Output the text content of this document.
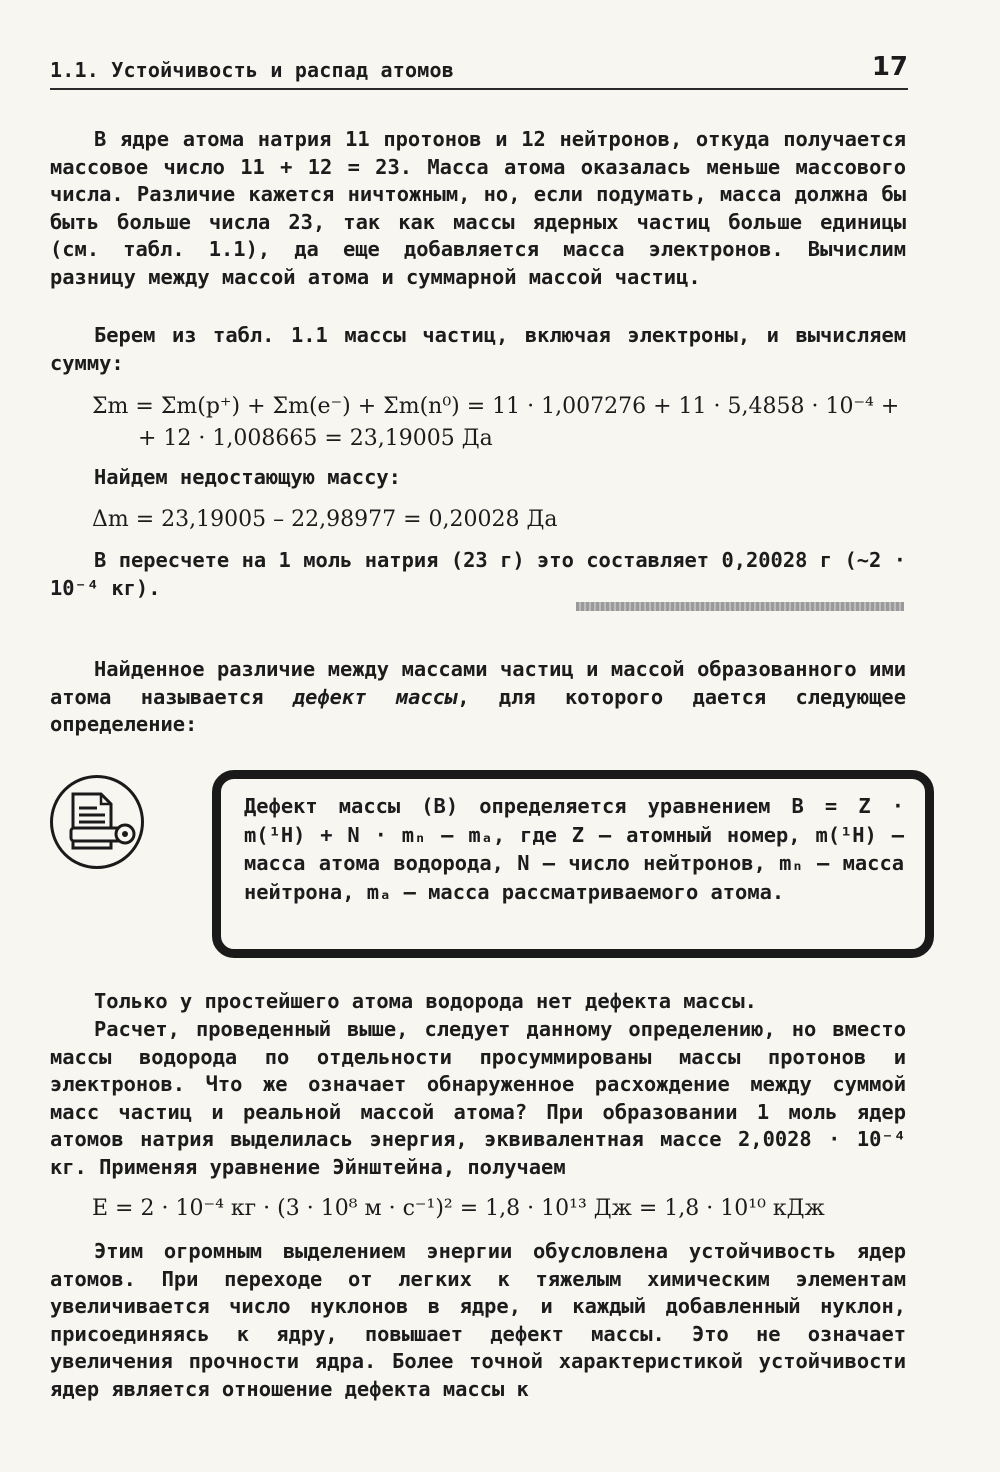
1.1. Устойчивость и распад атомов	17

В ядре атома натрия 11 протонов и 12 нейтронов, откуда получается массовое число 11 + 12 = 23. Масса атома оказалась меньше массового числа. Различие кажется ничтожным, но, если подумать, масса должна бы быть больше числа 23, так как массы ядерных частиц больше единицы (см. табл. 1.1), да еще добавляется масса электронов. Вычислим разницу между массой атома и суммарной массой частиц.

Берем из табл. 1.1 массы частиц, включая электроны, и вычисляем сумму:

Σm = Σm(p⁺) + Σm(e⁻) + Σm(n⁰) = 11 · 1,007276 + 11 · 5,4858 · 10⁻⁴ +

+ 12 · 1,008665 = 23,19005 Да

Найдем недостающую массу:

Δm = 23,19005 – 22,98977 = 0,20028 Да

В пересчете на 1 моль натрия (23 г) это составляет 0,20028 г (~2 · 10⁻⁴ кг).

Найденное различие между массами частиц и массой образованного ими атома называется дефект массы, для которого дается следующее определение:

Дефект массы (B) определяется уравнением B = Z · m(¹H) + N · mₙ – mₐ, где Z — атомный номер, m(¹H) — масса атома водорода, N — число нейтронов, mₙ — масса нейтрона, mₐ — масса рассматриваемого атома.

Только у простейшего атома водорода нет дефекта массы.

Расчет, проведенный выше, следует данному определению, но вместо массы водорода по отдельности просуммированы массы протонов и электронов. Что же означает обнаруженное расхождение между суммой масс частиц и реальной массой атома? При образовании 1 моль ядер атомов натрия выделилась энергия, эквивалентная массе 2,0028 · 10⁻⁴ кг. Применяя уравнение Эйнштейна, получаем

E = 2 · 10⁻⁴ кг · (3 · 10⁸ м · с⁻¹)² = 1,8 · 10¹³ Дж = 1,8 · 10¹⁰ кДж

Этим огромным выделением энергии обусловлена устойчивость ядер атомов. При переходе от легких к тяжелым химическим элементам увеличивается число нуклонов в ядре, и каждый добавленный нуклон, присоединяясь к ядру, повышает дефект массы. Это не означает увеличения прочности ядра. Более точной характеристикой устойчивости ядер является отношение дефекта массы к
